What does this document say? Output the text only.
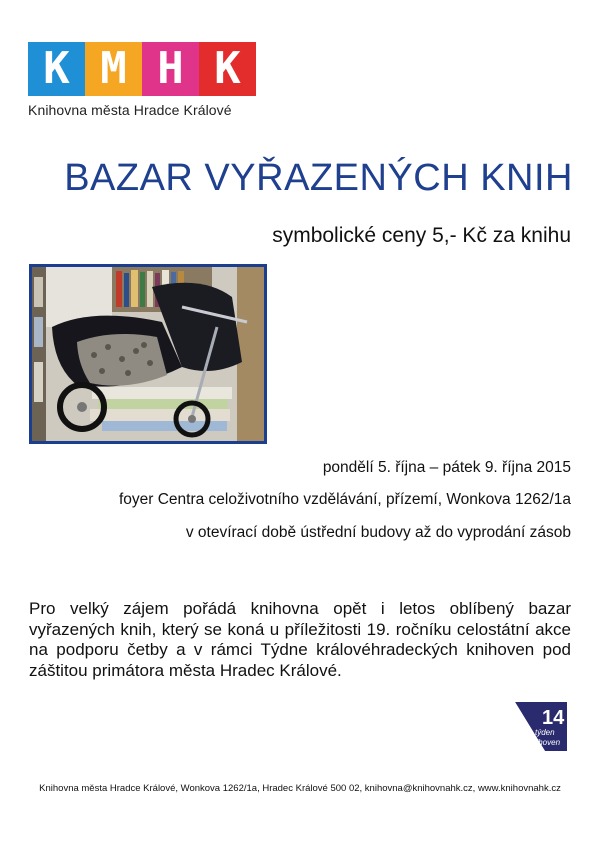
K M H K
Knihovna města Hradce Králové
BAZAR VYŘAZENÝCH KNIH
symbolické ceny 5,- Kč za knihu
pondělí 5. října – pátek 9. října 2015
foyer Centra celoživotního vzdělávání, přízemí, Wonkova 1262/1a
v otevírací době ústřední budovy až do vyprodání zásob
Pro velký zájem pořádá knihovna opět i letos oblíbený bazar vyřazených knih, který se koná u příležitosti 19. ročníku celostátní akce na podporu četby a v rámci Týdne královéhradeckých knihoven pod záštitou primátora města Hradec Králové.
14
týden
knihoven
Knihovna města Hradce Králové, Wonkova 1262/1a, Hradec Králové 500 02, knihovna@knihovnahk.cz, www.knihovnahk.cz
